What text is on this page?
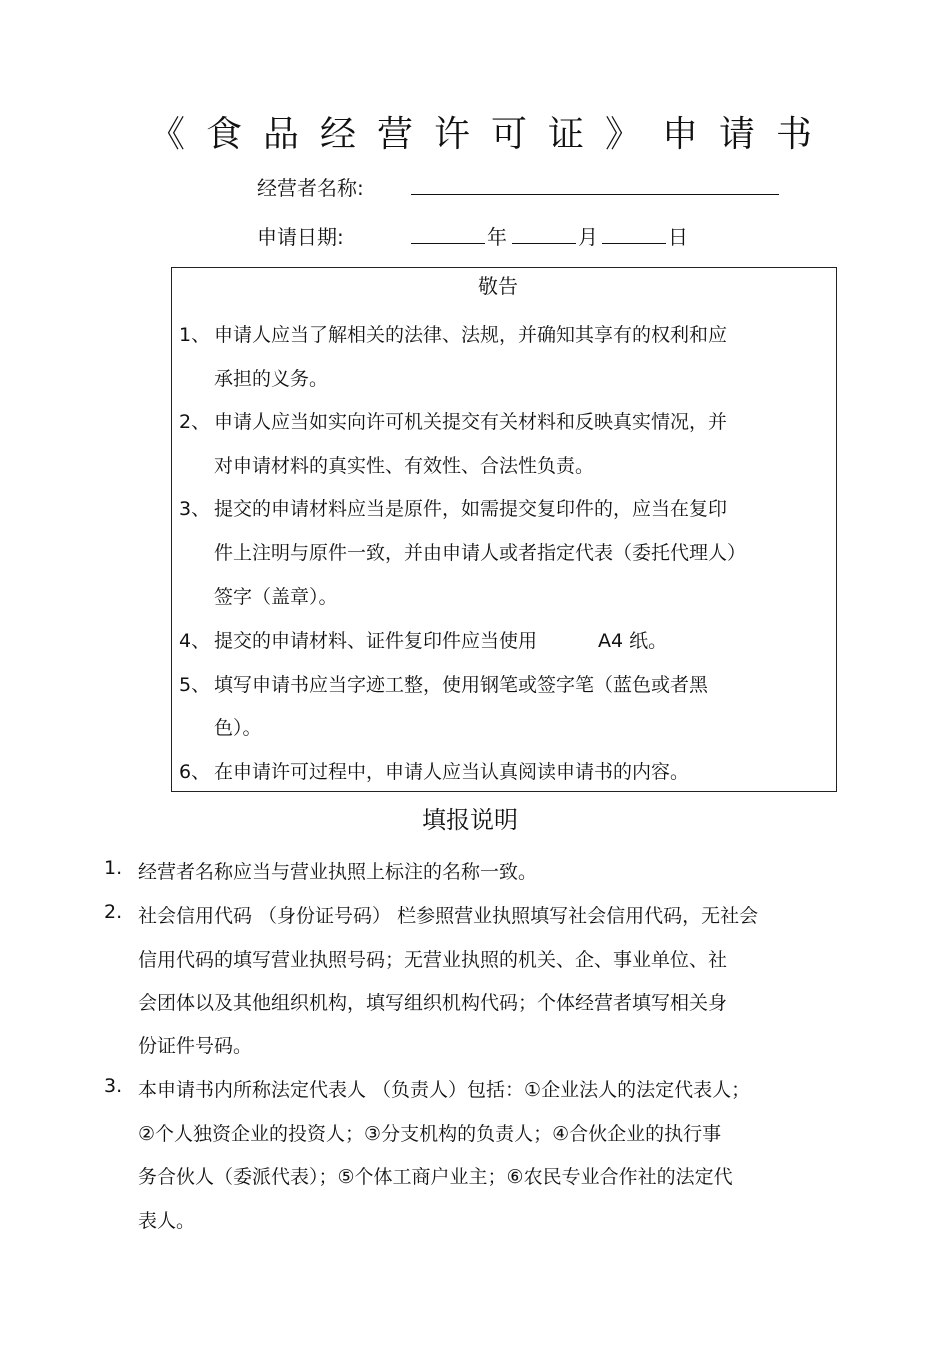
《食品经营许可证》申请书
经营者名称:
申请日期:	年	月	日
敬告
1、 申请人应当了解相关的法律、法规，并确知其享有的权利和应
承担的义务。
2、 申请人应当如实向许可机关提交有关材料和反映真实情况，并
对申请材料的真实性、有效性、合法性负责。
3、 提交的申请材料应当是原件，如需提交复印件的，应当在复印
件上注明与原件一致，并由申请人或者指定代表（委托代理人）
签字（盖章）。
4、 提交的申请材料、证件复印件应当使用	A4 纸。
5、 填写申请书应当字迹工整，使用钢笔或签字笔（蓝色或者黑
色）。
6、 在申请许可过程中，申请人应当认真阅读申请书的内容。
填报说明
1. 经营者名称应当与营业执照上标注的名称一致。
2. 社会信用代码 （身份证号码） 栏参照营业执照填写社会信用代码，无社会
信用代码的填写营业执照号码；无营业执照的机关、企、事业单位、社
会团体以及其他组织机构，填写组织机构代码；个体经营者填写相关身
份证件号码。
3. 本申请书内所称法定代表人 （负责人）包括：①企业法人的法定代表人；
②个人独资企业的投资人；③分支机构的负责人；④合伙企业的执行事
务合伙人（委派代表）；⑤个体工商户业主；⑥农民专业合作社的法定代
表人。
